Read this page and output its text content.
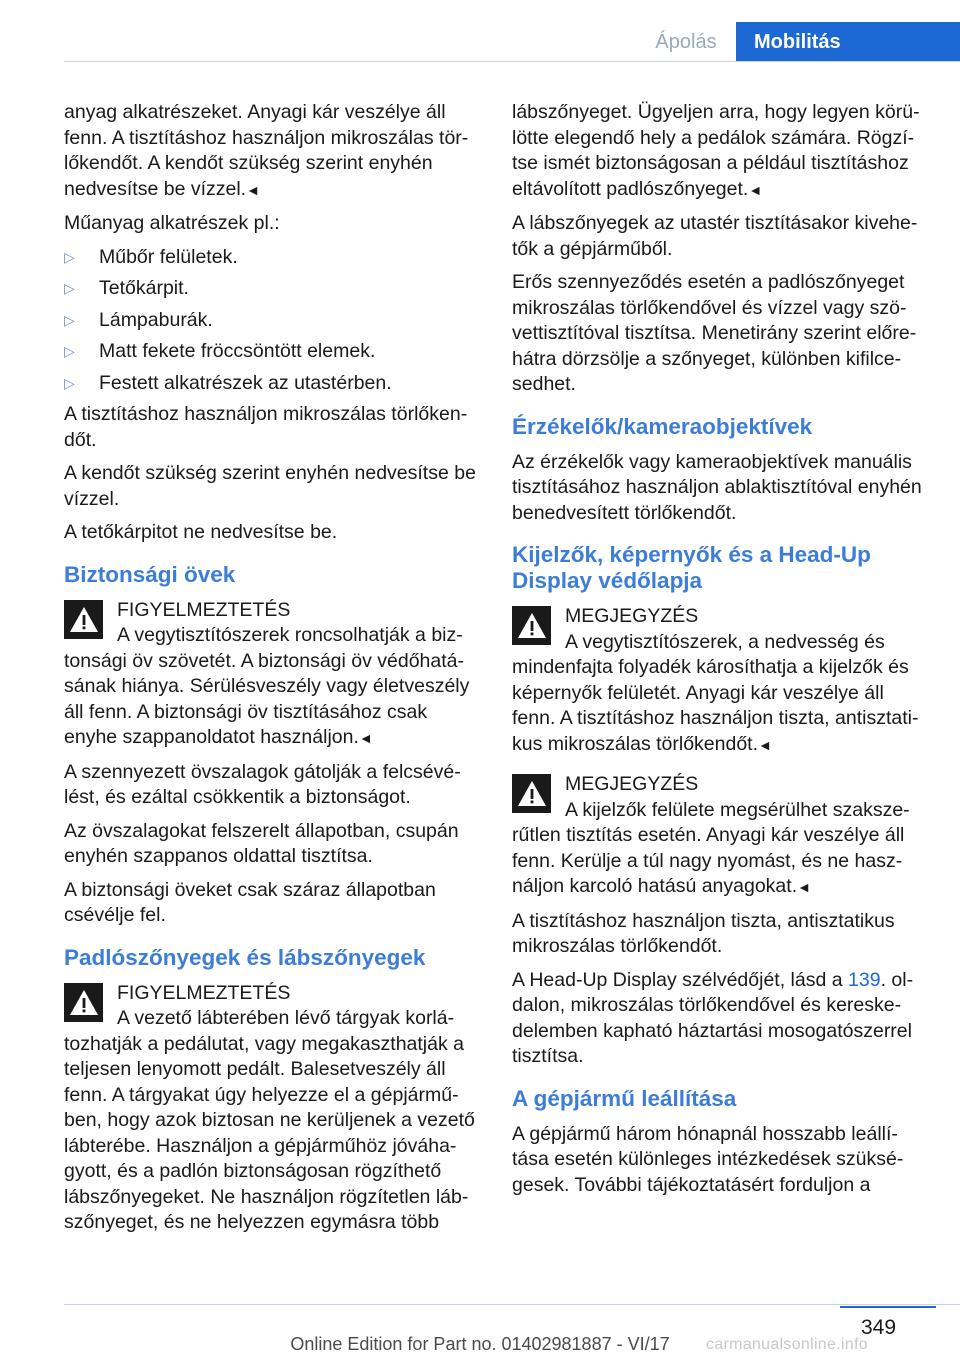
Ápolás	Mobilitás

anyag alkatrészeket. Anyagi kár veszélye áll fenn. A tisztításhoz használjon mikroszálas törlőkendőt. A kendőt szükség szerint enyhén nedvesítse be vízzel.◄

Műanyag alkatrészek pl.:

▷ Műbőr felületek.
▷ Tetőkárpit.
▷ Lámpaburák.
▷ Matt fekete fröccsöntött elemek.
▷ Festett alkatrészek az utastérben.

A tisztításhoz használjon mikroszálas törlőkendőt.

A kendőt szükség szerint enyhén nedvesítse be vízzel.

A tetőkárpitot ne nedvesítse be.

Biztonsági övek
FIGYELMEZTETÉS
A vegytisztítószerek roncsolhatják a biztonsági öv szövetét. A biztonsági öv védőhatásának hiánya. Sérülésveszély vagy életveszély áll fenn. A biztonsági öv tisztításához csak enyhe szappanoldatot használjon.◄

A szennyezett övszalagok gátolják a felcsévélést, és ezáltal csökkentik a biztonságot.

Az övszalagokat felszerelt állapotban, csupán enyhén szappanos oldattal tisztítsa.

A biztonsági öveket csak száraz állapotban csévélje fel.

Padlószőnyegek és lábszőnyegek
FIGYELMEZTETÉS
A vezető lábterében lévő tárgyak korlátozhatják a pedálutat, vagy megakaszthatják a teljesen lenyomott pedált. Balesetveszély áll fenn. A tárgyakat úgy helyezze el a gépjárműben, hogy azok biztosan ne kerüljenek a vezető lábterébe. Használjon a gépjárműhöz jóváhagyott, és a padlón biztonságosan rögzíthető lábszőnyegeket. Ne használjon rögzítetlen lábszőnyeget, és ne helyezzen egymásra több

lábszőnyeget. Ügyeljen arra, hogy legyen körülötte elegendő hely a pedálok számára. Rögzítse ismét biztonságosan a például tisztításhoz eltávolított padlószőnyeget.◄

A lábszőnyegek az utastér tisztításakor kivehetők a gépjárműből.

Erős szennyeződés esetén a padlószőnyeget mikroszálas törlőkendővel és vízzel vagy szövettisztítóval tisztítsa. Menetirány szerint előre-hátra dörzsölje a szőnyeget, különben kifilcesedhet.

Érzékelők/kameraobjektívek

Az érzékelők vagy kameraobjektívek manuális tisztításához használjon ablaktisztítóval enyhén benedvesített törlőkendőt.

Kijelzők, képernyők és a Head-Up Display védőlapja
MEGJEGYZÉS
A vegytisztítószerek, a nedvesség és mindenfajta folyadék károsíthatja a kijelzők és képernyők felületét. Anyagi kár veszélye áll fenn. A tisztításhoz használjon tiszta, antisztatikus mikroszálas törlőkendőt.◄
MEGJEGYZÉS
A kijelzők felülete megsérülhet szakszerűtlen tisztítás esetén. Anyagi kár veszélye áll fenn. Kerülje a túl nagy nyomást, és ne használjon karcoló hatású anyagokat.◄

A tisztításhoz használjon tiszta, antisztatikus mikroszálas törlőkendőt.

A Head-Up Display szélvédőjét, lásd a 139. oldalon, mikroszálas törlőkendővel és kereskedelemben kapható háztartási mosogatószerrel tisztítsa.

A gépjármű leállítása

A gépjármű három hónapnál hosszabb leállítása esetén különleges intézkedések szükségesek. További tájékoztatásért forduljon a

349
Online Edition for Part no. 01402981887 - VI/17	carmanualsonline.info
